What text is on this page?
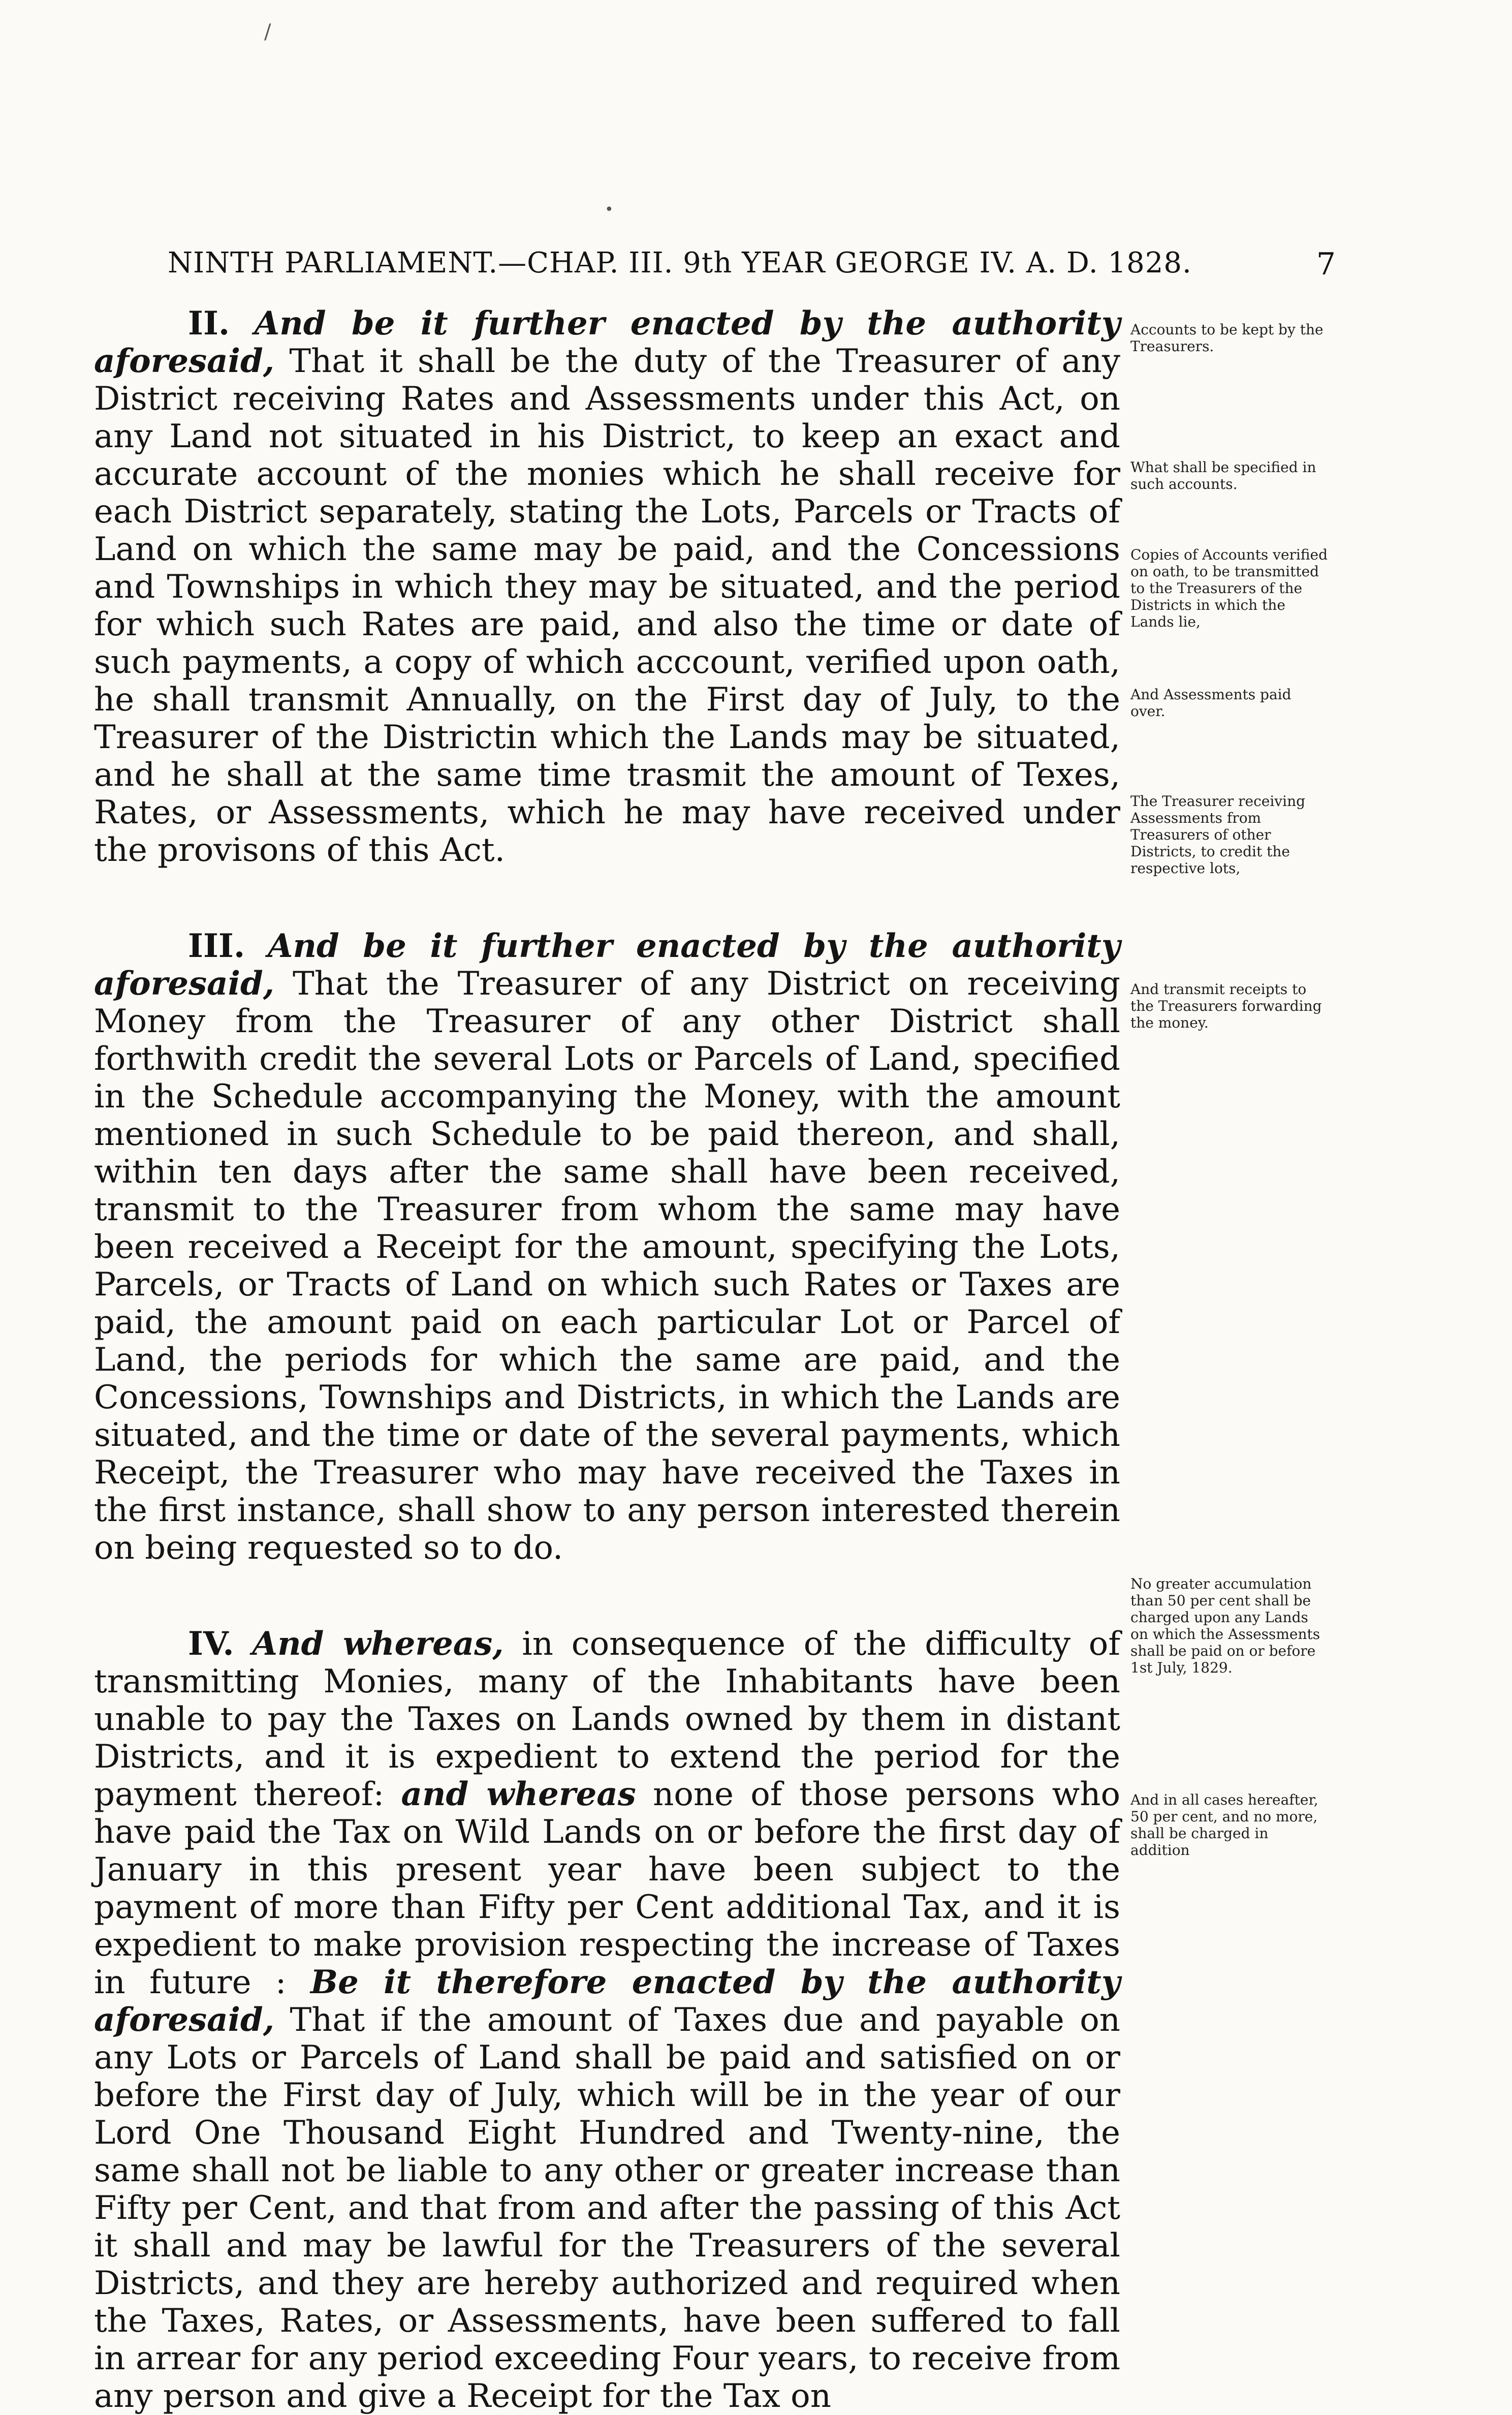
/
•
NINTH PARLIAMENT.—CHAP. III. 9th YEAR GEORGE IV. A. D. 1828.	7

II. And be it further enacted by the authority aforesaid, That it shall be the duty of the Treasurer of any District receiving Rates and Assessments under this Act, on any Land not situated in his District, to keep an exact and accurate account of the monies which he shall receive for each District separately, stating the Lots, Parcels or Tracts of Land on which the same may be paid, and the Concessions and Townships in which they may be situated, and the period for which such Rates are paid, and also the time or date of such payments, a copy of which acccount, verified upon oath, he shall transmit Annually, on the First day of July, to the Treasurer of the Districtin which the Lands may be situated, and he shall at the same time trasmit the amount of Texes, Rates, or Assessments, which he may have received under the provisons of this Act.

III. And be it further enacted by the authority aforesaid, That the Treasurer of any District on receiving Money from the Treasurer of any other District shall forthwith credit the several Lots or Parcels of Land, specified in the Schedule accompanying the Money, with the amount mentioned in such Schedule to be paid thereon, and shall, within ten days after the same shall have been received, transmit to the Treasurer from whom the same may have been received a Receipt for the amount, specifying the Lots, Parcels, or Tracts of Land on which such Rates or Taxes are paid, the amount paid on each particular Lot or Parcel of Land, the periods for which the same are paid, and the Concessions, Townships and Districts, in which the Lands are situated, and the time or date of the several payments, which Receipt, the Treasurer who may have received the Taxes in the first instance, shall show to any person interested therein on being requested so to do.

IV. And whereas, in consequence of the difficulty of transmitting Monies, many of the Inhabitants have been unable to pay the Taxes on Lands owned by them in distant Districts, and it is expedient to extend the period for the payment thereof: and whereas none of those persons who have paid the Tax on Wild Lands on or before the first day of January in this present year have been subject to the payment of more than Fifty per Cent additional Tax, and it is expedient to make provision respecting the increase of Taxes in future : Be it therefore enacted by the authority aforesaid, That if the amount of Taxes due and payable on any Lots or Parcels of Land shall be paid and satisfied on or before the First day of July, which will be in the year of our Lord One Thousand Eight Hundred and Twenty-nine, the same shall not be liable to any other or greater increase than Fifty per Cent, and that from and after the passing of this Act it shall and may be lawful for the Treasurers of the several Districts, and they are hereby authorized and required when the Taxes, Rates, or Assessments, have been suffered to fall in arrear for any period exceeding Four years, to receive from any person and give a Receipt for the Tax on

Accounts to be kept by the Treasurers.
What shall be specified in such accounts.
Copies of Accounts verified on oath, to be transmitted to the Treasurers of the Districts in which the Lands lie,
And Assessments paid over.
The Treasurer receiving Assessments from Treasurers of other Districts, to credit the respective lots,
And transmit receipts to the Treasurers forwarding the money.
No greater accumulation than 50 per cent shall be charged upon any Lands on which the Assessments shall be paid on or before 1st July, 1829.
And in all cases hereafter, 50 per cent, and no more, shall be charged in addition
